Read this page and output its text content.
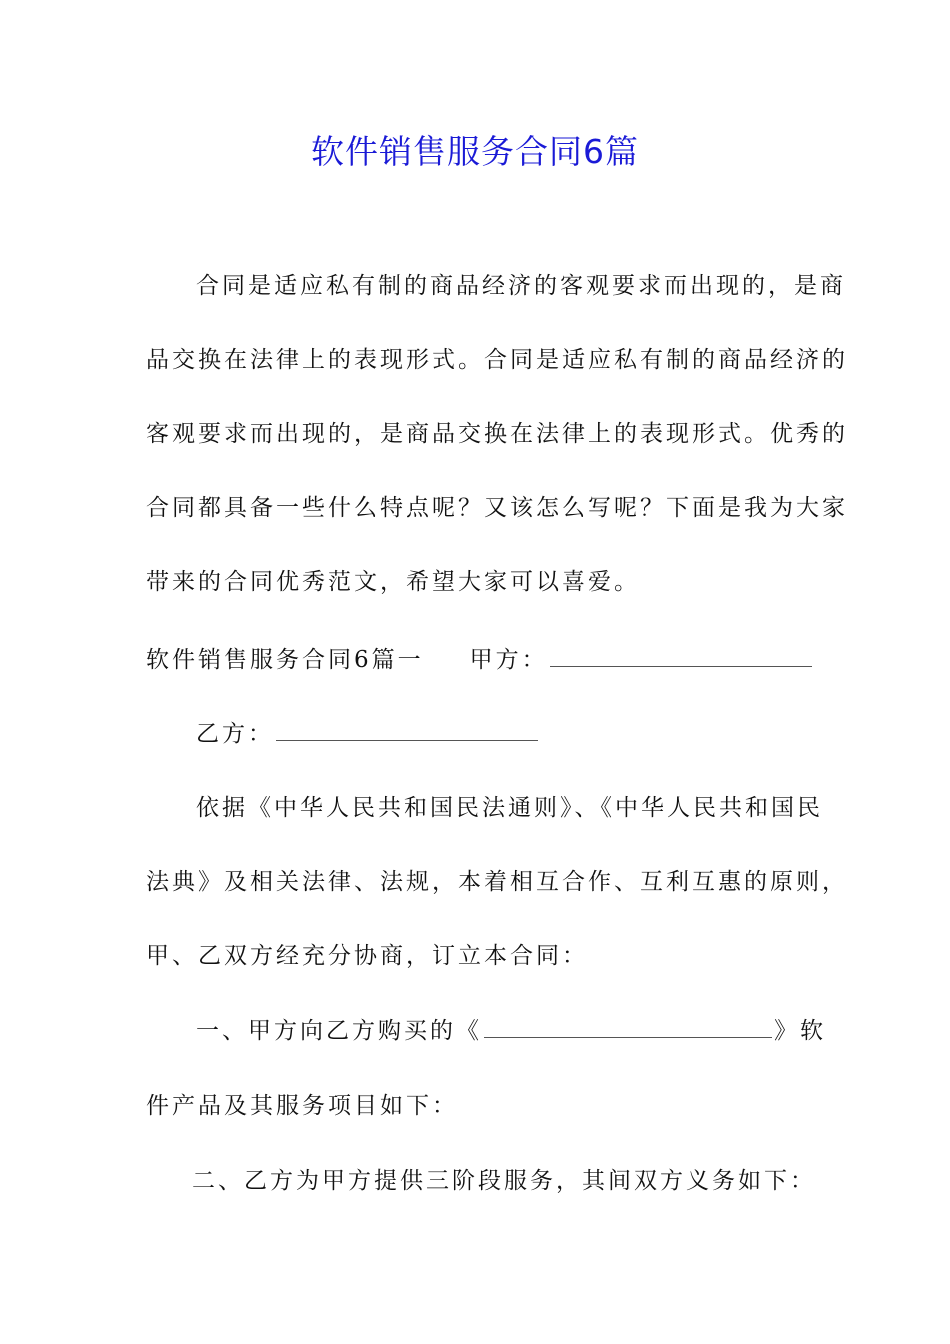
软件销售服务合同6篇
合同是适应私有制的商品经济的客观要求而出现的，是商
品交换在法律上的表现形式。合同是适应私有制的商品经济的
客观要求而出现的，是商品交换在法律上的表现形式。优秀的
合同都具备一些什么特点呢？又该怎么写呢？下面是我为大家
带来的合同优秀范文，希望大家可以喜爱。
软件销售服务合同6篇一 甲方：
乙方：
依据《中华人民共和国民法通则》、《中华人民共和国民
法典》及相关法律、法规，本着相互合作、互利互惠的原则，
甲、乙双方经充分协商，订立本合同：
一、甲方向乙方购买的《	》软
件产品及其服务项目如下：
二、乙方为甲方提供三阶段服务，其间双方义务如下：
